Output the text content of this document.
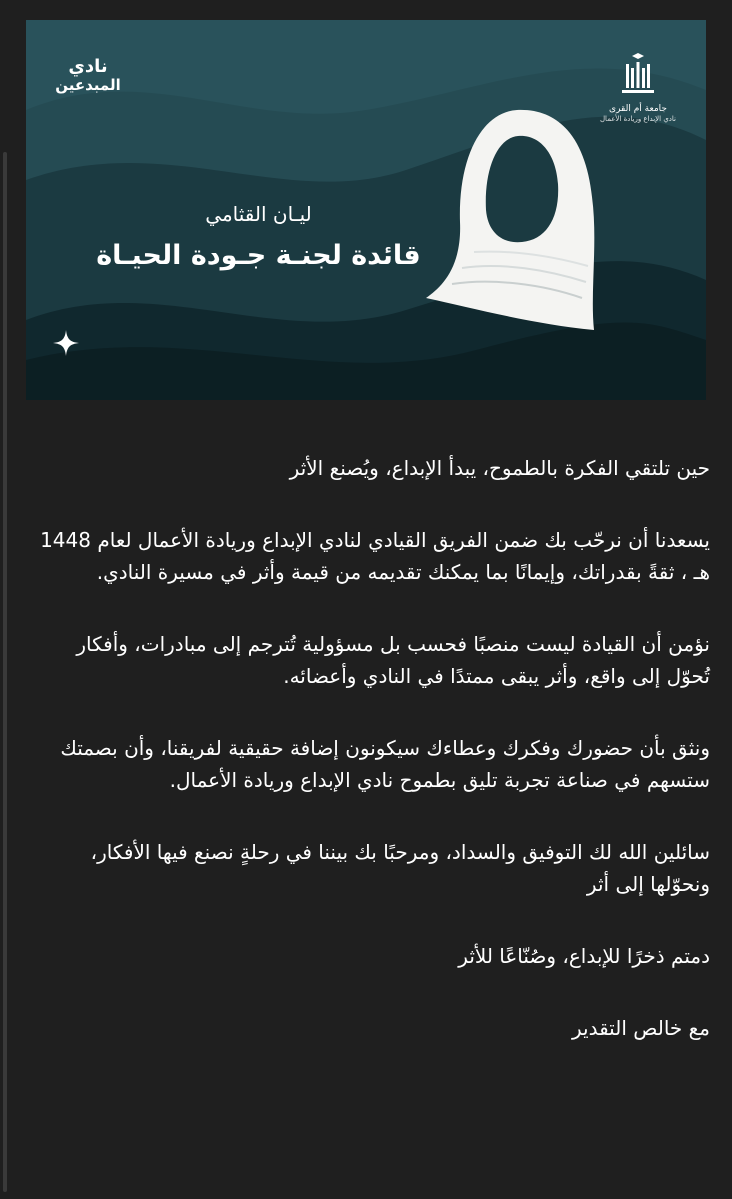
نادي
المبدعين
جامعة أم القرى
نادي الإبداع وريادة الأعمال
ليـان القثامي
قائدة لجنـة جـودة الحيـاة

حين تلتقي الفكرة بالطموح، يبدأ الإبداع، ويُصنع الأثر

يسعدنا أن نرحّب بك ضمن الفريق القيادي لنادي الإبداع وريادة الأعمال لعام 1448 هـ ، ثقةً بقدراتك، وإيمانًا بما يمكنك تقديمه من قيمة وأثر في مسيرة النادي.

نؤمن أن القيادة ليست منصبًا فحسب بل مسؤولية تُترجم إلى مبادرات، وأفكار تُحوّل إلى واقع، وأثر يبقى ممتدًا في النادي وأعضائه.

ونثق بأن حضورك وفكرك وعطاءك سيكونون إضافة حقيقية لفريقنا، وأن بصمتك ستسهم في صناعة تجربة تليق بطموح نادي الإبداع وريادة الأعمال.

سائلين الله لك التوفيق والسداد، ومرحبًا بك بيننا في رحلةٍ نصنع فيها الأفكار، ونحوّلها إلى أثر

دمتم ذخرًا للإبداع، وصُنّاعًا للأثر

مع خالص التقدير
